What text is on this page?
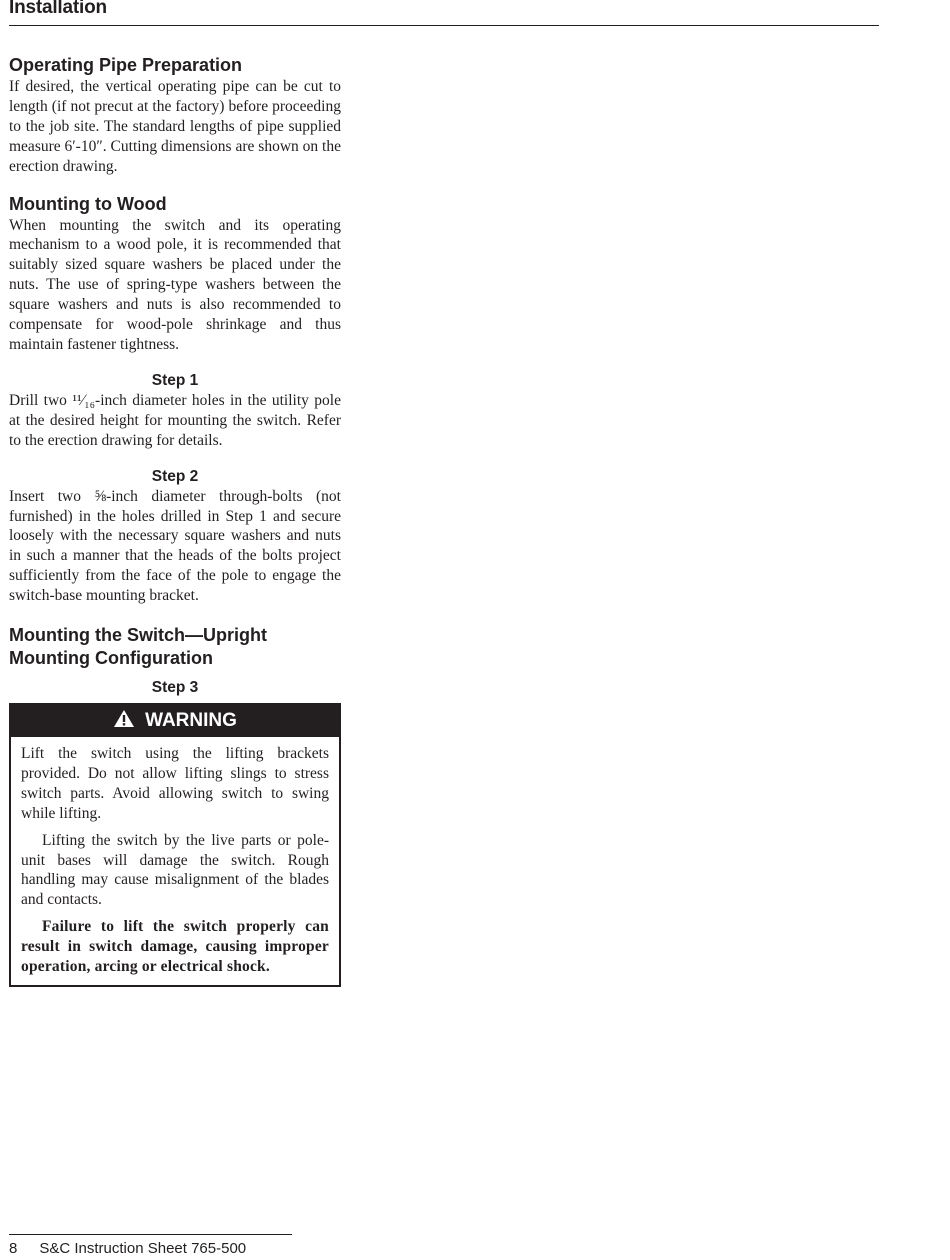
Installation
Operating Pipe Preparation

If desired, the vertical operating pipe can be cut to length (if not precut at the factory) before proceeding to the job site. The standard lengths of pipe supplied measure 6′-10″. Cutting dimensions are shown on the erection drawing.

Mounting to Wood

When mounting the switch and its operating mechanism to a wood pole, it is recommended that suitably sized square washers be placed under the nuts. The use of spring-type washers between the square washers and nuts is also recommended to compensate for wood-pole shrinkage and thus maintain fastener tightness.

Step 1

Drill two ¹¹⁄₁₆-inch diameter holes in the utility pole at the desired height for mounting the switch. Refer to the erection drawing for details.

Step 2

Insert two ⅝-inch diameter through-bolts (not furnished) in the holes drilled in Step 1 and secure loosely with the necessary square washers and nuts in such a manner that the heads of the bolts project sufficiently from the face of the pole to engage the switch-base mounting bracket.

Mounting the Switch—Upright
Mounting Configuration

Step 3

WARNING

Lift the switch using the lifting brackets provided. Do not allow lifting slings to stress switch parts. Avoid allowing switch to swing while lifting.

Lifting the switch by the live parts or pole-unit bases will damage the switch. Rough handling may cause misalignment of the blades and contacts.

Failure to lift the switch properly can result in switch damage, causing improper operation, arcing or electrical shock.

8 S&C Instruction Sheet 765-500
